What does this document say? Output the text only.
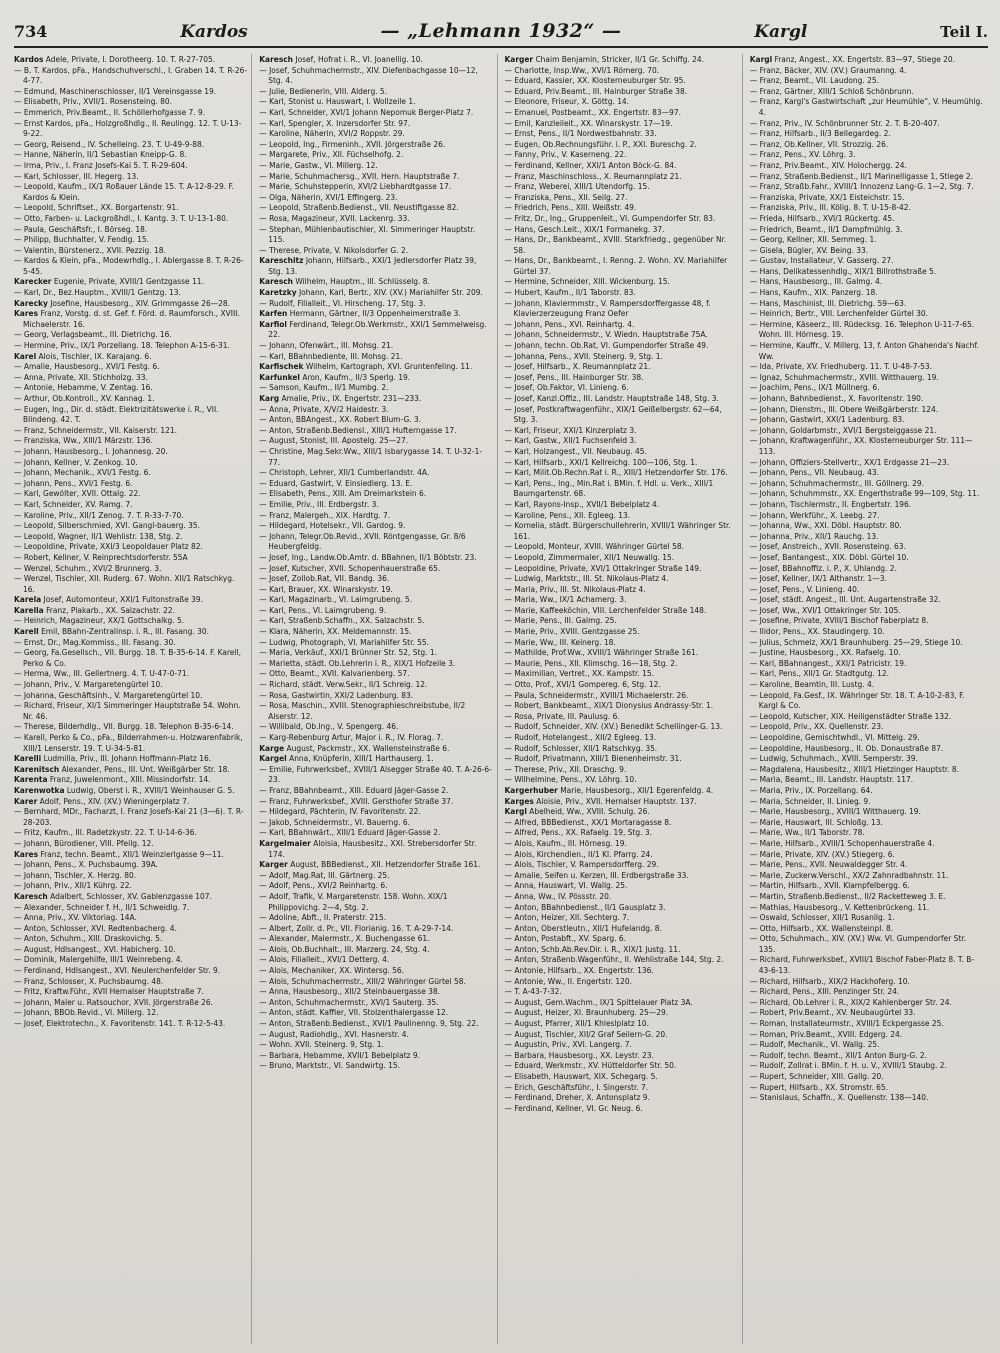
734	Kardos	— „Lehmann 1932“ —	Kargl	Teil I.

Kardos Adele, Private, I. Dorotheerg. 10. T. R-27-705.

— B. T. Kardos, pFa., Handschuhverschl., I. Graben 14. T. R-26-4-77.

— Edmund, Maschinenschlosser, II/1 Vereinsgasse 19.

— Elisabeth, Priv., XVII/1. Rosensteing. 80.

— Emmerich, Priv.Beamt., II. Schöllerhofgasse 7. 9.

— Ernst Kardos, pFa., Holzgroßhdlg., II. Reulingg. 12. T. U-13-9-22.

— Georg, Reisend., IV. Schelleing. 23. T. U-49-9-88.

— Hanne, Näherin, II/1 Sebastian Kneipp-G. 8.

— Irma, Priv., I. Franz Josefs-Kai 5. T. R-29-604.

— Karl, Schlosser, III. Hegerg. 13.

— Leopold, Kaufm., IX/1 Roßauer Lände 15. T. A-12-8-29. F. Kardos & Klein.

— Leopold, Schriftset., XX. Borgartenstr. 91.

— Otto, Farben- u. Lackgroßhdl., I. Kantg. 3. T. U-13-1-80.

— Paula, Geschäftsfr., I. Börseg. 18.

— Philipp, Buchhalter, V. Fendig. 15.

— Valentin, Bürstenerz., XVII. Pezzig. 18.

— Kardos & Klein, pFa., Modewrhdlg., I. Ablergasse 8. T. R-26-5-45.

Karecker Eugenie, Private, XVIII/1 Gentzgasse 11.

— Karl, Dr., Bez.Hauptm., XVIII/1 Gentzg. 13.

Karecky Josefine, Hausbesorg., XIV. Grimmgasse 26—28.

Kares Franz, Vorstg. d. st. Gef. f. Förd. d. Raumforsch., XVIII. Michaelerstr. 16.

— Georg, Verlagsbeamt., III. Dietrichg. 16.

— Hermine, Priv., IX/1 Porzellang. 18. Telephon A-15-6-31.

Karel Alois, Tischler, IX. Karajang. 6.

— Amalie, Hausbesorg., XVI/1 Festg. 6.

— Anna, Private, XII. Stichholzg. 33.

— Antonie, Hebamme, V. Zentag. 16.

— Arthur, Ob.Kontroll., XV. Kannag. 1.

— Eugen, Ing., Dir. d. städt. Elektrizitätswerke i. R., VII. Blindeng. 42. T.

— Franz, Schneidermstr., VII. Kaiserstr. 121.

— Franziska, Ww., XIII/1 Märzstr. 136.

— Johann, Hausbesorg., I. Johannesg. 20.

— Johann, Kellner, V. Zenkog. 10.

— Johann, Mechanik., XVI/1 Festg. 6.

— Johann, Pens., XVI/1 Festg. 6.

— Karl, Gewölter, XVII. Ottalg. 22.

— Karl, Schneider, XV. Ramg. 7.

— Karoline, Priv., XII/1 Zenog. 7. T. R-33-7-70.

— Leopold, Silberschmied, XVI. Gangl-bauerg. 35.

— Leopold, Wagner, II/1 Wehlistr. 138, Stg. 2.

— Leopoldine, Private, XXI/3 Leopoldauer Platz 82.

— Robert, Kellner, V. Reinprechtsdorferstr. 55A

— Wenzel, Schuhm., XVI/2 Brunnerg. 3.

— Wenzel, Tischler, XII. Ruderg. 67. Wohn. XII/1 Ratschkyg. 16.

Karela Josef, Automonteur, XXI/1 Fultonstraße 39.

Karella Franz, Plakarb., XX. Salzachstr. 22.

— Heinrich, Magazineur, XX/1 Gottschalkg. 5.

Karell Emil, BBahn-Zentralinsp. i. R., III. Fasang. 30.

— Ernst, Dr., Mag.Kommiss., III. Fasang. 30.

— Georg, Fa.Gesellsch., VII. Burgg. 18. T. B-35-6-14. F. Karell, Perko & Co.

— Herma, Ww., III. Gellertnerg. 4. T. U-47-0-71.

— Johann, Priv., V. Margaretengürtel 10.

— Johanna, Geschäftsinh., V. Margaretengürtel 10.

— Richard, Friseur, XI/1 Simmeringer Hauptstraße 54. Wohn. Nr. 46.

— Therese, Bilderhdlg., VII. Burgg. 18. Telephon B-35-6-14.

— Karell, Perko & Co., pFa., Bilderrahmen-u. Holzwarenfabrik, XIII/1 Lenserstr. 19. T. U-34-5-81.

Karelli Ludmilla, Priv., III. Johann Hoffmann-Platz 16.

Karenitsch Alexander, Pens., III. Unt. Weißgärber Str. 18.

Karenta Franz, Juwelenmont., XIII. Missindorfstr. 14.

Karenwotka Ludwig, Oberst i. R., XVIII/1 Weinhauser G. 5.

Karer Adolf, Pens., XIV. (XV.) Wieningerplatz 7.

— Bernhard, MDr., Facharzt, I. Franz Josefs-Kai 21 (3—6). T. R-28-203.

— Fritz, Kaufm., III. Radetzkystr. 22. T. U-14-6-36.

— Johann, Bürodiener, VIII. Pfeilg. 12.

Kares Franz, techn. Beamt., XII/1 Weinzierlgasse 9—11.

— Johann, Pens., X. Puchsbaumg. 39A.

— Johann, Tischler, X. Herzg. 80.

— Johann, Priv., XII/1 Kührg. 22.

Karesch Adalbert, Schlosser, XV. Gablenzgasse 107.

— Alexander, Schneider f. H., II/1 Schweidlg. 7.

— Anna, Priv., XV. Viktoriag. 14A.

— Anton, Schlosser, XVI. Redtenbacherg. 4.

— Anton, Schuhm., XIII. Draskovichg. 5.

— August, Hdlsangest., XVI. Habicherg. 10.

— Dominik, Malergehilfe, III/1 Weinrebeng. 4.

— Ferdinand, Hdlsangest., XVI. Neulerchenfelder Str. 9.

— Franz, Schlosser, X. Puchsbaumg. 48.

— Fritz, Kraftw.Führ., XVII Hernalser Hauptstraße 7.

— Johann, Maler u. Ratsouchor, XVII. Jörgerstraße 26.

— Johann, BBOb.Revid., VI. Millerg. 12.

— Josef, Elektrotechn., X. Favoritenstr. 141. T. R-12-5-43.

Karesch Josef, Hofrat i. R., VI. Joanellig. 10.

— Josef, Schuhmachermstr., XIV. Diefenbachgasse 10—12, Stg. 4.

— Julie, Bedienerin, VIII. Alderg. 5.

— Karl, Stonist u. Hauswart, I. Wollzeile 1.

— Karl, Schneider, XVI/1 Johann Nepomuk Berger-Platz 7.

— Karl, Spengler, X. Inzersdorfer Str. 97.

— Karoline, Näherin, XVI/2 Roppstr. 29.

— Leopold, Ing., Firmeninh., XVII. Jörgerstraße 26.

— Margarete, Priv., XII. Füchselhofg. 2.

— Marie, Gastw., VI. Millerg. 12.

— Marie, Schuhmachersg., XVII. Hern. Hauptstraße 7.

— Marie, Schuhstepperin, XVI/2 Liebhardtgasse 17.

— Olga, Näherin, XVI/1 Effingerg. 23.

— Leopold, Straßenb.Bedienst., VII. Neustiftgasse 82.

— Rosa, Magazineur, XVII. Lackenrg. 33.

— Stephan, Mühlenbautischler, XI. Simmeringer Hauptstr. 115.

— Therese, Private, V. Nikolsdorfer G. 2.

Kareschitz Johann, Hilfsarb., XXI/1 Jedlersdorfer Platz 39, Stg. 13.

Karesch Wilhelm, Hauptm., III. Schlüsselg. 8.

Karetzky Johann, Karl, Bertr., XIV. (XV.) Mariahilfer Str. 209.

— Rudolf, Filialleit., VI. Hirscheng. 17, Stg. 3.

Karfen Hermann, Gärtner, II/3 Oppenheimerstraße 3.

Karfiol Ferdinand, Telegr.Ob.Werkmstr., XXI/1 Semmelweisg. 22.

— Johann, Ofenwärt., III. Mohsg. 21.

— Karl, BBahnbediente, III. Mohsg. 21.

Karfischek Wilhelm, Kartograph, XVI. Gruntenfeling. 11.

Karfunkel Aron, Kaufm., II/3 Sperlg. 19.

— Samson, Kaufm., II/1 Mumbg. 2.

Karg Amalie, Priv., IX. Engertstr. 231—233.

— Anna, Private, X/V/2 Haidestr. 3.

— Anton, BBAngest., XX. Robert Blum-G. 3.

— Anton, Straßenb.Bediensl., XIII/1 Hufterngasse 17.

— August, Stonist, III. Apostelg. 25—27.

— Christine, Mag.Sekr.Ww., XIII/1 Isbarygasse 14. T. U-32-1-77.

— Christoph, Lehrer, XII/1 Cumberlandstr. 4A.

— Eduard, Gastwirt, V. Einsiedlerg. 13. E.

— Elisabeth, Pens., XIII. Am Dreimarkstein 6.

— Emilie, Priv., III. Erdbergstr. 3.

— Franz, Malergeh., XIX. Hardtg. 7.

— Hildegard, Hotelsekr., VII. Gardog. 9.

— Johann, Telegr.Ob.Revid., XVII. Röntgengasse, Gr. 8/6 Heubergfeldg.

— Josef, Ing., Landw.Ob.Amtr. d. BBahnen, II/1 Böbtstr. 23.

— Josef, Kutscher, XVII. Schopenhauerstraße 65.

— Josef, Zollob.Rat, VII. Bandg. 36.

— Karl, Brauer, XX. Winarskystr. 19.

— Karl, Magazinarb., VI. Laimgrubeng. 5.

— Karl, Pens., VI. Laimgrubeng. 9.

— Karl, Straßenb.Schaffn., XX. Salzachstr. 5.

— Klara, Näherin, XX. Meldemannstr. 15.

— Ludwig, Photograph, VI. Mariahilfer Str. 55.

— Maria, Verkäuf., XXI/1 Brünner Str. 52, Stg. 1.

— Marietta, städt. Ob.Lehrerin i. R., XIX/1 Hofzeile 3.

— Otto, Beamt., XVII. Kalvarienberg. 57.

— Richard, städt. Verw.Sekr., II/1 Schreig. 12.

— Rosa, Gastwirtin, XXI/2 Ladenburg. 83.

— Rosa, Maschin., XVIII. Stenographieschreibstube, II/2 Alserstr. 12.

— Willibald, Ob.Ing., V. Spengerg. 46.

— Karg-Rebenburg Artur, Major i. R., IV. Florag. 7.

Karge August, Packmstr., XX. Wallensteinstraße 6.

Kargel Anna, Knüpferin, XIII/1 Harthauserg. 1.

— Emilie, Fuhrwerksbef., XVIII/1 Alsegger Straße 40. T. A-26-6-23.

— Franz, BBahnbeamt., XIII. Eduard Jäger-Gasse 2.

— Franz, Fuhrwerksbef., XVIII. Gersthofer Straße 37.

— Hildegard, Pächterin, IV. Favoritenstr. 22.

— Jakob, Schneidermstr., VI. Bauerng. 6.

— Karl, BBahnwärt., XIII/1 Eduard Jäger-Gasse 2.

Kargelmaier Aloisia, Hausbesitz., XXI. Strebersdorfer Str. 174.

Karger August, BBBedienst., XII. Hetzendorfer Straße 161.

— Adolf, Mag.Rat, III. Gärtnerg. 25.

— Adolf, Pens., XVI/2 Reinhartg. 6.

— Adolf, Trafik, V. Margaretenstr. 158. Wohn. XIX/1 Philippovichg. 2—4, Stg. 2.

— Adoline, Abft., II. Praterstr. 215.

— Albert, Zollr. d. Pr., VII. Florianig. 16. T. A-29-7-14.

— Alexander, Malermstr., X. Buchengasse 61.

— Alois, Ob.Buchhalt., III. Marzerg. 24, Stg. 4.

— Alois, Filialleit., XVI/1 Detterg. 4.

— Alois, Mechaniker, XX. Wintersg. 56.

— Alois, Schuhmachermstr., XIII/2 Währinger Gürtel 58.

— Anna, Hausbesorg., XII/2 Steinbauergasse 38.

— Anton, Schuhmachermstr., XVI/1 Sauterg. 35.

— Anton, städt. Kaffier, VII. Stolzenthalergasse 12.

— Anton, Straßenb.Bedienst., XVI/1 Paulinenng. 9, Stg. 22.

— August, Radiohdlg., XVI. Hasnerstr. 4.

— Wohn. XVII. Steinerg. 9, Stg. 1.

— Barbara, Hebamme, XVII/1 Bebelplatz 9.

— Bruno, Marktstr., VI. Sandwirtg. 15.

Karger Chaim Benjamin, Stricker, II/1 Gr. Schiffg. 24.

— Charlotte, Insp.Ww., XVI/1 Römerg. 70.

— Eduard, Kassier, XX. Klosterneuburger Str. 95.

— Eduard, Priv.Beamt., III. Hainburger Straße 38.

— Eleonore, Friseur, X. Göttg. 14.

— Emanuel, Postbeamt., XX. Engertstr. 83—97.

— Emil, Kanzleileit., XX. Winarskystr. 17—19.

— Ernst, Pens., II/1 Nordwestbahnstr. 33.

— Eugen, Ob.Rechnungsführ. i. P., XXI. Bureschg. 2.

— Fanny, Priv., V. Kaserneng. 22.

— Ferdinand, Kellner, XXI/1 Anton Böck-G. 84.

— Franz, Maschinschloss., X. Reumannplatz 21.

— Franz, Weberei, XIII/1 Utendorfg. 15.

— Franziska, Pens., XII. Seilg. 27.

— Friedrich, Pens., XIII. Weißstr. 49.

— Fritz, Dr., Ing., Gruppenleit., VI. Gumpendorfer Str. 83.

— Hans, Gesch.Leit., XIX/1 Formanekg. 37.

— Hans, Dr., Bankbeamt., XVIII. Starkfriedg., gegenüber Nr. 58.

— Hans, Dr., Bankbeamt., I. Renng. 2. Wohn. XV. Mariahilfer Gürtel 37.

— Hermine, Schneider, XIII. Wickenburg. 15.

— Hubert, Kaufm., II/1 Taborstr. 83.

— Johann, Klaviermmstr., V. Rampersdorffergasse 48, f. Klavierzerzeugung Franz Oefer

— Johann, Pens., XVI. Reinhartg. 4.

— Johann, Schneidermstr., V. Wiedn. Hauptstraße 75A.

— Johann, techn. Ob.Rat, VI. Gumpendorfer Straße 49.

— Johanna, Pens., XVII. Steinerg. 9, Stg. 1.

— Josef, Hilfsarb., X. Reumannplatz 21.

— Josef, Pens., III. Hainburger Str. 38.

— Josef, Ob.Faktor, VI. Linieng. 6.

— Josef, Kanzl.Offiz., III. Landstr. Hauptstraße 148, Stg. 3.

— Josef, Postkraftwagenführ., XIX/1 Geißelbergstr. 62—64, Stg. 3.

— Karl, Friseur, XXI/1 Kinzerplatz 3.

— Karl, Gastw., XII/1 Fuchsenfeld 3.

— Karl, Holzangest., VII. Neubaug. 45.

— Karl, Hilfsarb., XXI/1 Kellreichg. 100—106, Stg. 1.

— Karl, Milit.Ob.Rechn.Rat i. R., XIII/1 Hetzendorfer Str. 176.

— Karl, Pens., Ing., Min.Rat i. BMin. f. Hdl. u. Verk., XIII/1 Baumgartenstr. 68.

— Karl, Rayons-Insp., XVII/1 Bebelplatz 4.

— Karoline, Pens., XII. Egleeg. 13.

— Kornelia, städt. Bürgerschullehrerin, XVIII/1 Währinger Str. 161.

— Leopold, Monteur, XVIII. Währinger Gürtel 58.

— Leopold, Zimmermaler, XII/1 Neuwallg. 15.

— Leopoldine, Private, XVI/1 Ottakringer Straße 149.

— Ludwig, Marktstr., III. St. Nikolaus-Platz 4.

— Maria, Priv., III. St. Nikolaus-Platz 4.

— Maria, Ww., IX/1 Achamerg. 3.

— Marie, Kaffeeköchin, VIII. Lerchenfelder Straße 148.

— Marie, Pens., III. Galmg. 25.

— Marie, Priv., XVIII. Gentzgasse 25.

— Marie, Ww., III. Keinerg. 18.

— Mathilde, Prof.Ww., XVIII/1 Währinger Straße 161.

— Maurie, Pens., XII. Klimschg. 16—18, Stg. 2.

— Maximilian, Vertret., XX. Kampstr. 15.

— Otto, Prof., XVI/1 Gompereg. 6, Stg. 12.

— Paula, Schneidermstr., XVIII/1 Michaelerstr. 26.

— Robert, Bankbeamt., XIX/1 Dionysius Andrassy-Str. 1.

— Rosa, Private, III. Paulusg. 6.

— Rudolf, Schneider, XIV. (XV.) Benedikt Schellinger-G. 13.

— Rudolf, Hotelangest., XII/2 Egleeg. 13.

— Rudolf, Schlosser, XII/1 Ratschkyg. 35.

— Rudolf, Privatmann, XIII/1 Bienenheimstr. 31.

— Therese, Priv., XII. Draschg. 9.

— Wilhelmine, Pens., XV. Löhrg. 10.

Kargerhuber Marie, Hausbesorg., XII/1 Egerenfeldg. 4.

Karges Aloisie, Priv., XVII. Hernalser Hauptstr. 137.

Kargl Abelheid, Ww., XVIII. Schulg. 26.

— Alfred, BBBedienst., XX/1 Mortaragasse 8.

— Alfred, Pens., XX. Rafaelg. 19, Stg. 3.

— Alois, Kaufm., III. Hörnesg. 19.

— Alois, Kirchendien., II/1 Kl. Pfarrg. 24.

— Alois, Tischler, V. Rampersdorfferg. 29.

— Amalie, Seifen u. Kerzen, III. Erdbergstraße 33.

— Anna, Hauswart, VI. Wallg. 25.

— Anna, Ww., IV. Pössstr. 20.

— Anton, BBahnbedienst., II/1 Gausplatz 3.

— Anton, Heizer, XII. Sechterg. 7.

— Anton, Oberstleutn., XII/1 Hufelandg. 8.

— Anton, Postabft., XV. Sparg. 6.

— Anton, Schb.Ab.Rev.Dir. i. R., XIX/1 Justg. 11.

— Anton, Straßenb.Wagenführ., II. Wehlistraße 144, Stg. 2.

— Antonie, Hilfsarb., XX. Engertstr. 136.

— Antonie, Ww., II. Engertstr. 120.

— T. A-43-7-32.

— August, Gem.Wachm., IX/1 Spittelauer Platz 3A.

— August, Heizer, XI. Braunhuberg. 25—29.

— August, Pfarrer, XII/1 Khleslplatz 10.

— August, Tischler, XII/2 Graf Seilern-G. 20.

— Augustin, Priv., XVI. Langerg. 7.

— Barbara, Hausbesorg., XX. Leystr. 23.

— Eduard, Werkmstr., XV. Hütteldorfer Str. 50.

— Elisabeth, Hauswart, XIX. Schegarg. 5.

— Erich, Geschäftsführ., I. Singerstr. 7.

— Ferdinand, Dreher, X. Antonsplatz 9.

— Ferdinand, Kellner, VI. Gr. Neug. 6.

Kargl Franz, Angest., XX. Engertstr. 83—97, Stiege 20.

— Franz, Bäcker, XIV. (XV.) Graumanng. 4.

— Franz, Beamt., VII. Laudong. 25.

— Franz, Gärtner, XIII/1 Schloß Schönbrunn.

— Franz, Kargl's Gastwirtschaft „zur Heumühle“, V. Heumühlg. 4.

— Franz, Priv., IV. Schönbrunner Str. 2. T. B-20-407.

— Franz, Hilfsarb., II/3 Bellegardeg. 2.

— Franz, Ob.Kellner, VII. Strozzig. 26.

— Franz, Pens., XV. Löhrg. 3.

— Franz, Priv.Beamt., XIV. Holochergg. 24.

— Franz, Straßenb.Bedienst., II/1 Marinelligasse 1, Stiege 2.

— Franz, Straßb.Fahr., XVIII/1 Innozenz Lang-G. 1—2, Stg. 7.

— Franziska, Private, XX/1 Eisteichstr. 15.

— Franziska, Priv., III. Kölig. 8. T. U-15-8-42.

— Frieda, Hilfsarb., XVI/1 Rückertg. 45.

— Friedrich, Beamt., II/1 Dampfmühlg. 3.

— Georg, Kellner, XII. Semmeg. 1.

— Gisela, Bügler, XV. Being. 33.

— Gustav, Installateur, V. Gasserg. 27.

— Hans, Delikatessenhdlg., XIX/1 Billrothstraße 5.

— Hans, Hausbesorg., III. Galmg. 4.

— Hans, Kaufm., XIX. Panzerg. 18.

— Hans, Maschinist, III. Dietrichg. 59—63.

— Heinrich, Bertr., VIII. Lerchenfelder Gürtel 30.

— Hermine, Käseerz., III. Rüdecksg. 16. Telephon U-11-7-65. Wohn. III. Hörnesg. 19.

— Hermine, Kauffr., V. Millerg. 13, f. Anton Ghahenda's Nachf. Ww.

— Ida, Private, XV. Friedhuberg. 11. T. U-48-7-53.

— Ignaz, Schuhmachermstr., XVIII. Witthauerg. 19.

— Joachim, Pens., IX/1 Müllnerg. 6.

— Johann, Bahnbedienst., X. Favoritenstr. 190.

— Johann, Dienstm., III. Obere Weißgärberstr. 124.

— Johann, Gastwirt, XXI/1 Ladenburg. 83.

— Johann, Goldarbmstr., XVI/1 Bergsteiggasse 21.

— Johann, Kraftwagenführ., XX. Klosterneuburger Str. 111—113.

— Johann, Offiziers-Stellvertr., XX/1 Erdgasse 21—23.

— Johann, Pens., VII. Neubaug. 43.

— Johann, Schuhmachermstr., III. Göllnerg. 29.

— Johann, Schuhmmstr., XX. Engerthstraße 99—109, Stg. 11.

— Johann, Tischlermstr., II. Engbertstr. 196.

— Johann, Werkführ., X. Leebg. 27.

— Johanna, Ww., XXI. Döbl. Hauptstr. 80.

— Johanna, Priv., XII/1 Rauchg. 13.

— Josef, Anstreich., XVII. Rosensteing. 63.

— Josef, Bantangest., XIX. Döbl. Gürtel 10.

— Josef, BBahnoffiz. i. P., X. Uhlandg. 2.

— Josef, Kellner, IX/1 Althanstr. 1—3.

— Josef, Pens., V. Linieng. 40.

— Josef, städt. Angest., III. Unt. Augartenstraße 32.

— Josef, Ww., XVI/1 Ottakringer Str. 105.

— Josefine, Private, XVIII/1 Bischof Faberplatz 8.

— Ilidor, Pens., XX. Staudingerg. 10.

— Julius, Schmelz, XX/1 Braunhuberg. 25—29, Stiege 10.

— Justine, Hausbesorg., XX. Rafaelg. 10.

— Karl, BBahnangest., XXI/1 Patricistr. 19.

— Karl, Pens., XII/1 Gr. Stadtgutg. 12.

— Karoline, Beamtin, III. Lustg. 4.

— Leopold, Fa.Gesf., IX. Währinger Str. 18. T. A-10-2-83, F. Kargl & Co.

— Leopold, Kutscher, XIX. Heiligenstädter Straße 132.

— Leopold, Priv., XX. Quellenstr. 23.

— Leopoldine, Gemischtwhdl., VI. Mittelg. 29.

— Leopoldine, Hausbesorg., II. Ob. Donaustraße 87.

— Ludwig, Schuhmach., XVIII. Semperstr. 39.

— Magdalena, Hausbesitz., XIII/1 Hietzinger Hauptstr. 8.

— Maria, Beamt., III. Landstr. Hauptstr. 117.

— Maria, Priv., IX. Porzellang. 64.

— Maria, Schneider, II. Linieg. 9.

— Marie, Hausbesorg., XVIII/1 Witthauerg. 19.

— Marie, Hauswart, III. Schloßg. 13.

— Marie, Ww., II/1 Taborstr. 78.

— Marie, Hilfsarb., XVIII/1 Schopenhauerstraße 4.

— Marie, Private, XIV. (XV.) Stiegerg. 6.

— Marie, Pens., XVII. Neuwaldegger Str. 4.

— Marie, Zuckerw.Verschl., XX/2 Zahnradbahnstr. 11.

— Martin, Hilfsarb., XVII. Klampfelbergg. 6.

— Martin, Straßenb.Bedienst., II/2 Racketteweg 3. E.

— Mathias, Hausbesorg., V. Kettenbrückeng. 11.

— Oswald, Schlosser, XII/1 Rusanilg. 1.

— Otto, Hilfsarb., XX. Wallensteinpl. 8.

— Otto, Schuhmach., XIV. (XV.) Ww. VI. Gumpendorfer Str. 135.

— Richard, Fuhrwerksbef., XVIII/1 Bischof Faber-Platz 8. T. B-43-6-13.

— Richard, Hilfsarb., XIX/2 Hackhoferg. 10.

— Richard, Pens., XIII. Penzinger Str. 24.

— Richard, Ob.Lehrer i. R., XIX/2 Kahlenberger Str. 24.

— Robert, Priv.Beamt., XV. Neubaugürtel 33.

— Roman, Installateurmstr., XVIII/1 Eckpergasse 25.

— Roman, Priv.Beamt., XVIII. Edgerg. 24.

— Rudolf, Mechanik., VI. Wallg. 25.

— Rudolf, techn. Beamt., XII/1 Anton Burg-G. 2.

— Rudolf, Zollrat i. BMin. f. H. u. V., XVIII/1 Staubg. 2.

— Rupert, Schneider, XIII. Gallg. 20.

— Rupert, Hilfsarb., XX. Stromstr. 65.

— Stanislaus, Schaffn., X. Quellenstr. 138—140.
